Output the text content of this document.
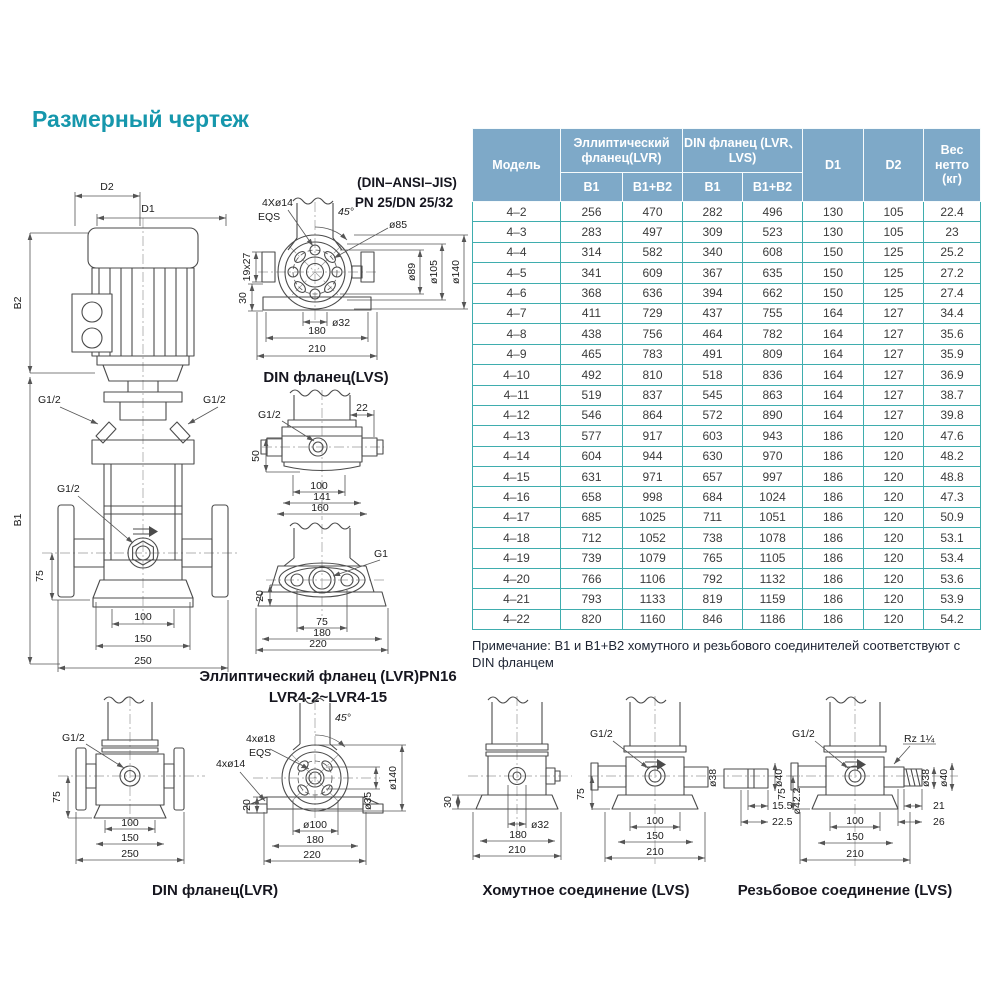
Размерный чертеж
D2
D1
B2
B1
G1/2	G1/2
G1/2
75
100
150
250
(DIN–ANSI–JIS)
PN 25/DN 25/32
4Xø14
EQS	45°
ø85
ø89 ø105 ø140
19x27
30
ø32
180
210
DIN фланец(LVS)
G1/2
22
50
100
141
160
G1
20
75
180
220
Эллиптический фланец (LVR)PN16
LVR4-2~LVR4-15
G1/2
75
100
150
250
45°
4xø18
EQS
4xø14
ø140
ø35
ø100
180
220
20
DIN фланец(LVR)
30
ø32
180
210
G1/2
75
ø38	ø40
ø42.2
15.5
22.5
100
150
210
Хомутное соединение (LVS)
G1/2	Rz 1¼
75
ø38 ø40
21
26
100
150
210
Резьбовое соединение (LVS)
Модель	Эллиптический фланец(LVR)		DIN фланец (LVR、LVS)		D1	D2	Вес нетто (кг)
	B1	B1+B2	B1	B1+B2			
4–2	256	470	282	496	130	105	22.4
4–3	283	497	309	523	130	105	23
4–4	314	582	340	608	150	125	25.2
4–5	341	609	367	635	150	125	27.2
4–6	368	636	394	662	150	125	27.4
4–7	411	729	437	755	164	127	34.4
4–8	438	756	464	782	164	127	35.6
4–9	465	783	491	809	164	127	35.9
4–10	492	810	518	836	164	127	36.9
4–11	519	837	545	863	164	127	38.7
4–12	546	864	572	890	164	127	39.8
4–13	577	917	603	943	186	120	47.6
4–14	604	944	630	970	186	120	48.2
4–15	631	971	657	997	186	120	48.8
4–16	658	998	684	1024	186	120	47.3
4–17	685	1025	711	1051	186	120	50.9
4–18	712	1052	738	1078	186	120	53.1
4–19	739	1079	765	1105	186	120	53.4
4–20	766	1106	792	1132	186	120	53.6
4–21	793	1133	819	1159	186	120	53.9
4–22	820	1160	846	1186	186	120	54.2
Примечание: В1 и В1+В2 хомутного и резьбового соединителей соответствуют с DIN фланцем
